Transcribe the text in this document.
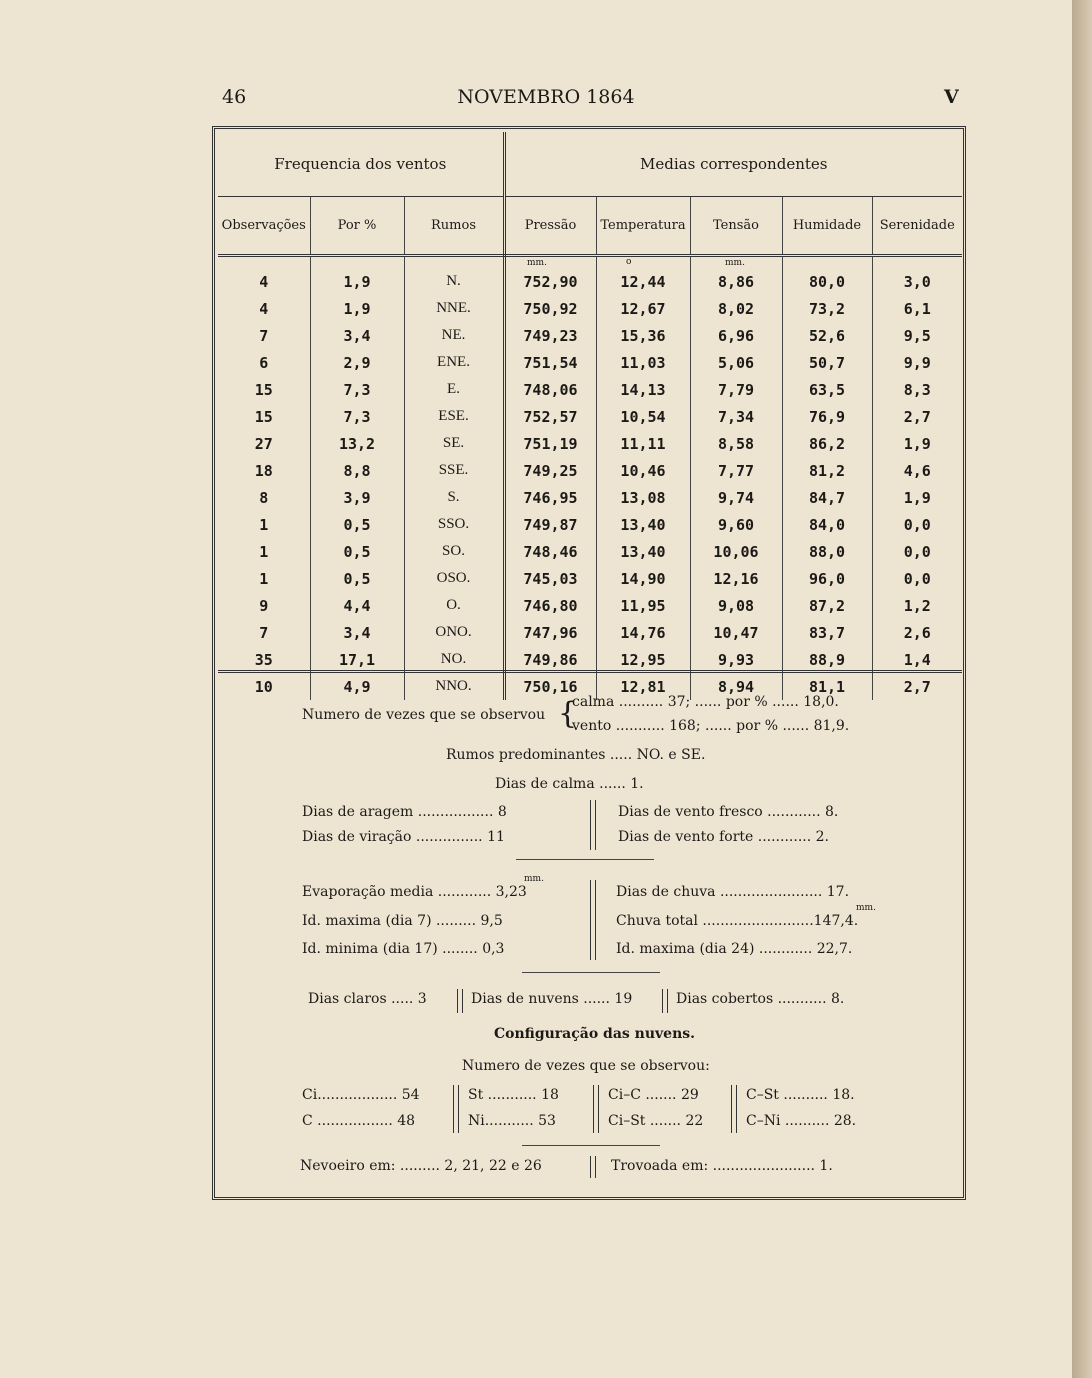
46	NOVEMBRO 1864	V
Frequencia dos ventos			Medias correspondentes				
Observações	Por %	Rumos	Pressão	Temperatura	Tensão	Humidade	Serenidade
4	1,9	N.	752,90	12,44	8,86	80,0	3,0
4	1,9	NNE.	750,92	12,67	8,02	73,2	6,1
7	3,4	NE.	749,23	15,36	6,96	52,6	9,5
6	2,9	ENE.	751,54	11,03	5,06	50,7	9,9
15	7,3	E.	748,06	14,13	7,79	63,5	8,3
15	7,3	ESE.	752,57	10,54	7,34	76,9	2,7
27	13,2	SE.	751,19	11,11	8,58	86,2	1,9
18	8,8	SSE.	749,25	10,46	7,77	81,2	4,6
8	3,9	S.	746,95	13,08	9,74	84,7	1,9
1	0,5	SSO.	749,87	13,40	9,60	84,0	0,0
1	0,5	SO.	748,46	13,40	10,06	88,0	0,0
1	0,5	OSO.	745,03	14,90	12,16	96,0	0,0
9	4,4	O.	746,80	11,95	9,08	87,2	1,2
7	3,4	ONO.	747,96	14,76	10,47	83,7	2,6
35	17,1	NO.	749,86	12,95	9,93	88,9	1,4
10	4,9	NNO.	750,16	12,81	8,94	81,1	2,7
mm.	o	mm.
Numero de vezes que se observou {
calma .......... 37; ...... por % ...... 18,0.
vento ........... 168; ...... por % ...... 81,9.
Rumos predominantes ..... NO. e SE.
Dias de calma ...... 1.
Dias de aragem ................. 8
Dias de viração ............... 11
Dias de vento fresco ............ 8.
Dias de vento forte ............ 2.
mm.
Evaporação media ............ 3,23
Id. maxima (dia 7) ......... 9,5
Id. minima (dia 17) ........ 0,3
Dias de chuva ....................... 17.
mm.
Chuva total .........................147,4.
Id. maxima (dia 24) ............ 22,7.
Dias claros ..... 3	Dias de nuvens ...... 19	Dias cobertos ........... 8.
Configuração das nuvens.
Numero de vezes que se observou:
Ci.................. 54
C ................. 48
St ........... 18
Ni........... 53
Ci–C ....... 29
Ci–St ....... 22
C–St .......... 18.
C–Ni .......... 28.
Nevoeiro em: ......... 2, 21, 22 e 26	Trovoada em: ....................... 1.
